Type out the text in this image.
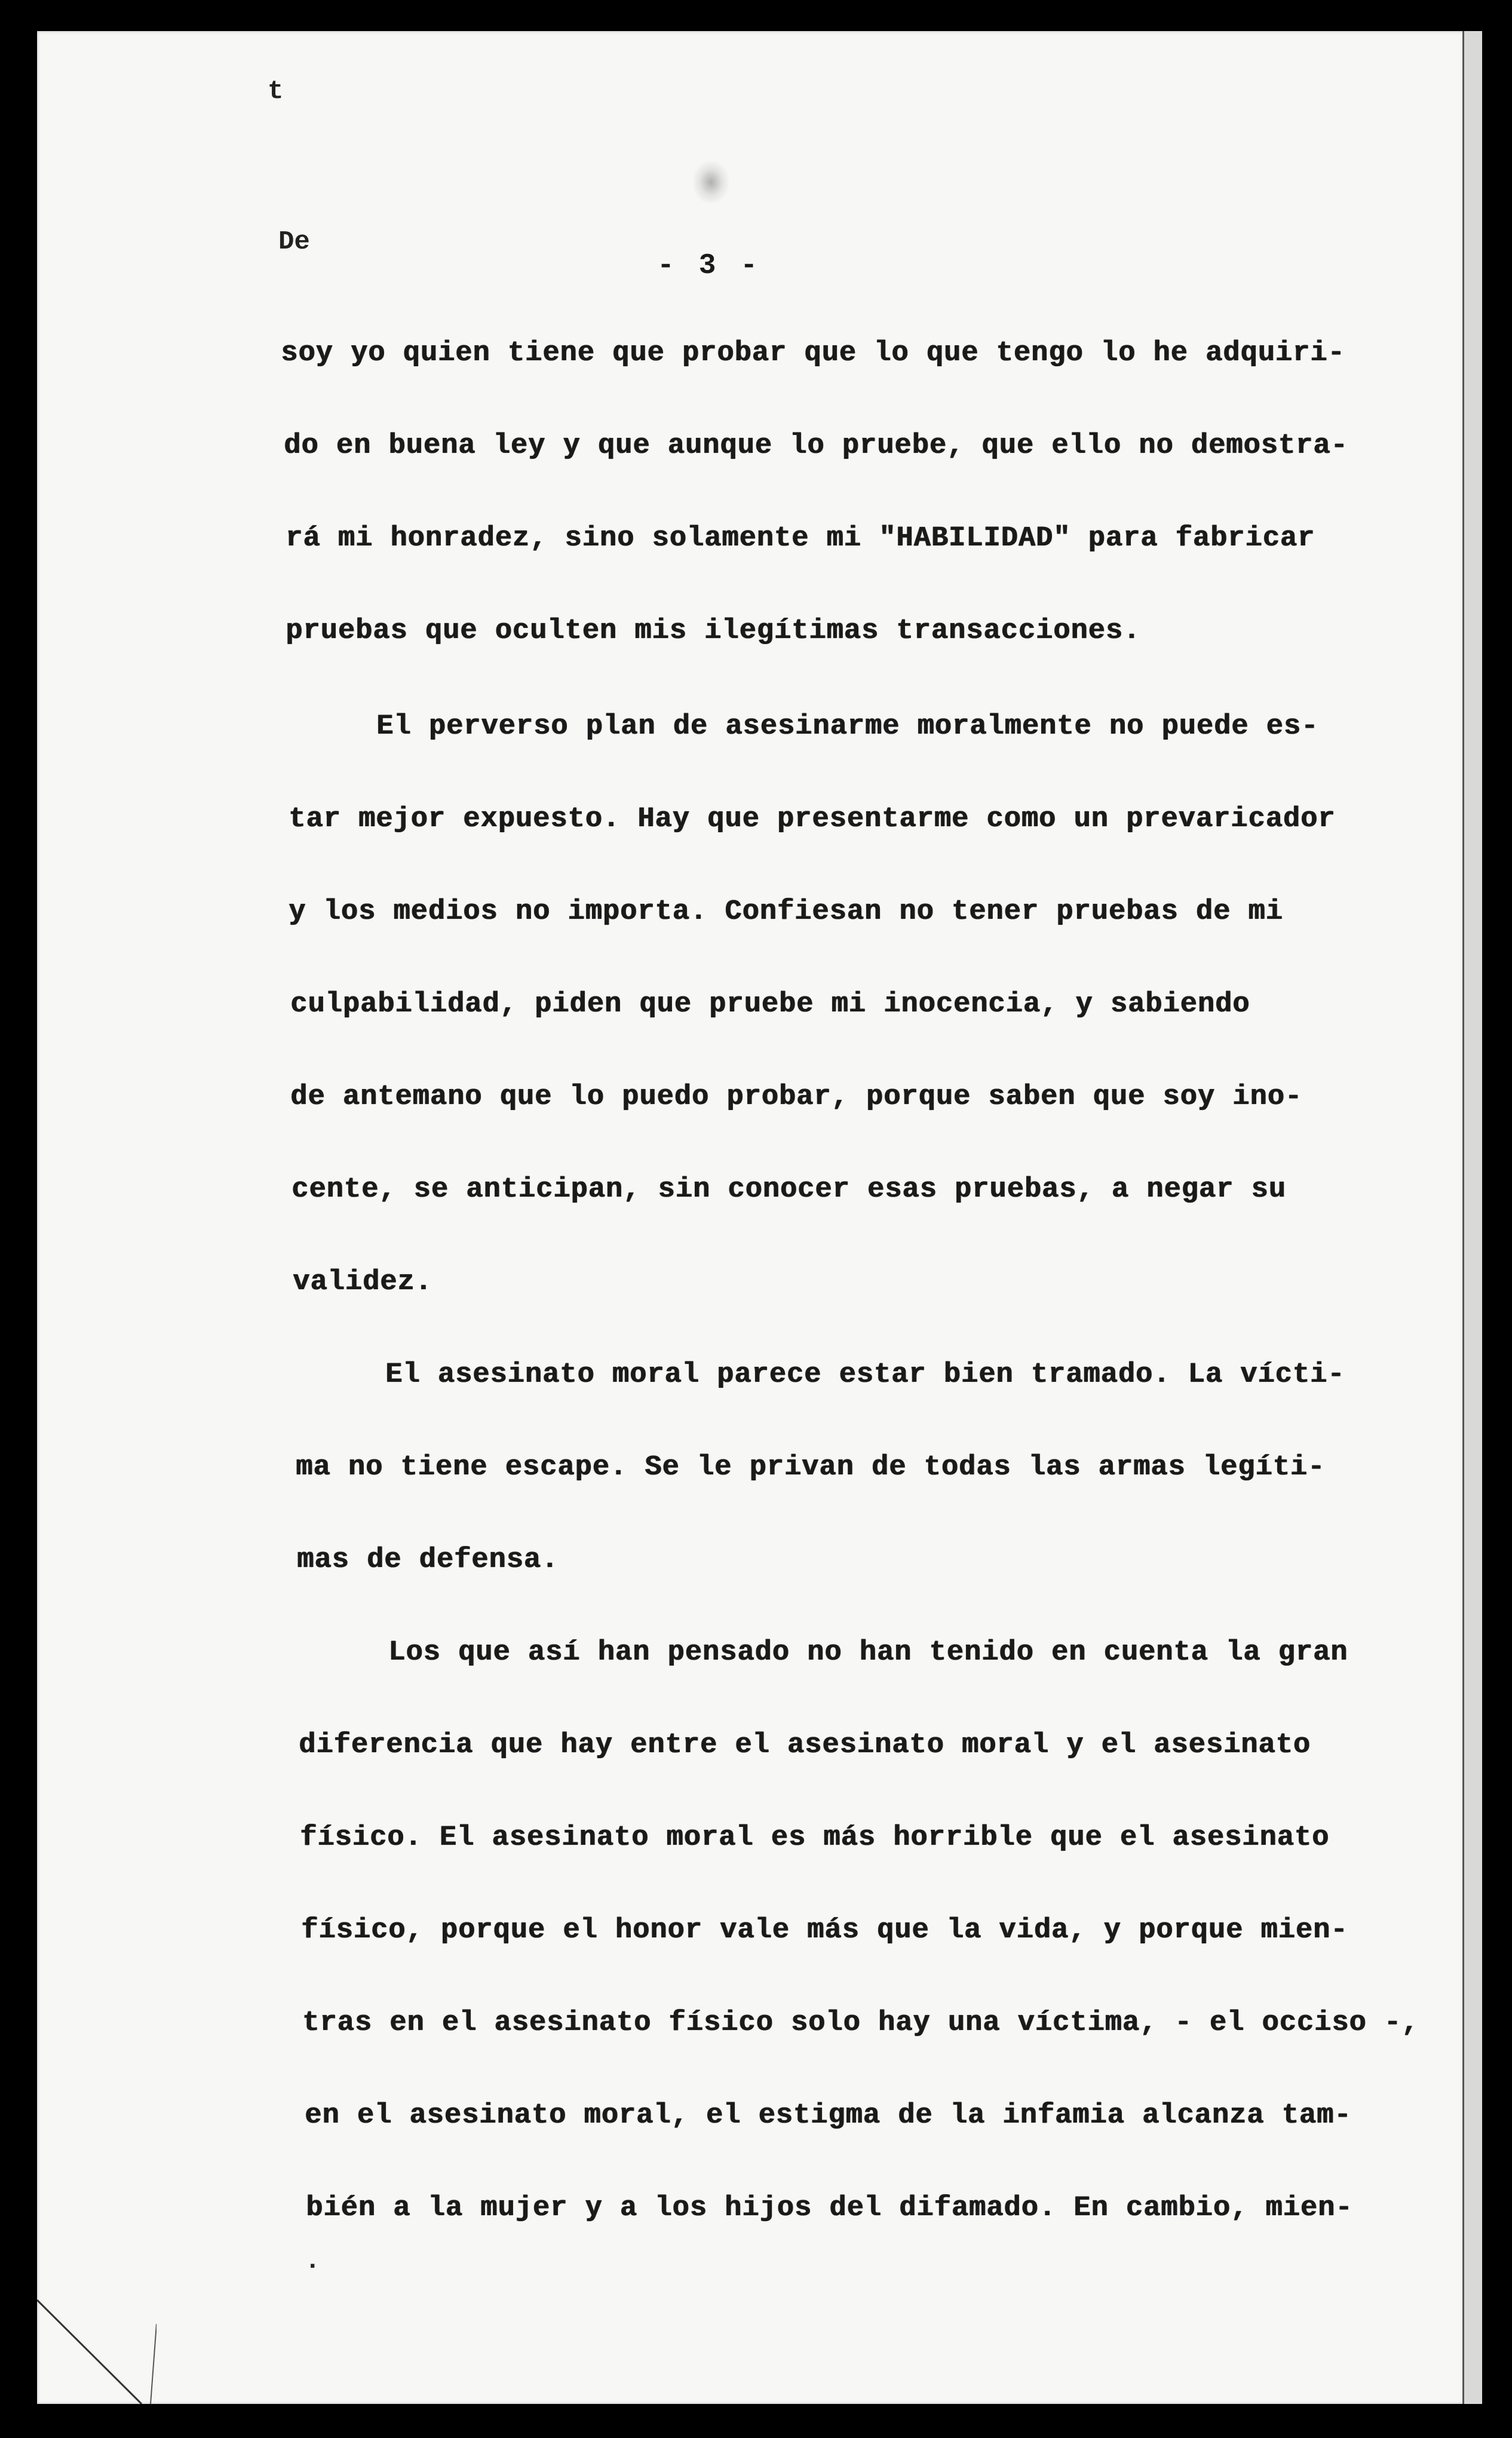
t
De
- 3 -
soy yo quien tiene que probar que lo que tengo lo he adquiri-
do en buena ley y que aunque lo pruebe, que ello no demostra-
rá mi honradez, sino solamente mi "HABILIDAD" para fabricar
pruebas que oculten mis ilegítimas transacciones.
El perverso plan de asesinarme moralmente no puede es-
tar mejor expuesto. Hay que presentarme como un prevaricador
y los medios no importa. Confiesan no tener pruebas de mi
culpabilidad, piden que pruebe mi inocencia, y sabiendo
de antemano que lo puedo probar, porque saben que soy ino-
cente, se anticipan, sin conocer esas pruebas, a negar su
validez.
El asesinato moral parece estar bien tramado. La vícti-
ma no tiene escape. Se le privan de todas las armas legíti-
mas de defensa.
Los que así han pensado no han tenido en cuenta la gran
diferencia que hay entre el asesinato moral y el asesinato
físico. El asesinato moral es más horrible que el asesinato
físico, porque el honor vale más que la vida, y porque mien-
tras en el asesinato físico solo hay una víctima, - el occiso -,
en el asesinato moral, el estigma de la infamia alcanza tam-
bién a la mujer y a los hijos del difamado. En cambio, mien-
.
